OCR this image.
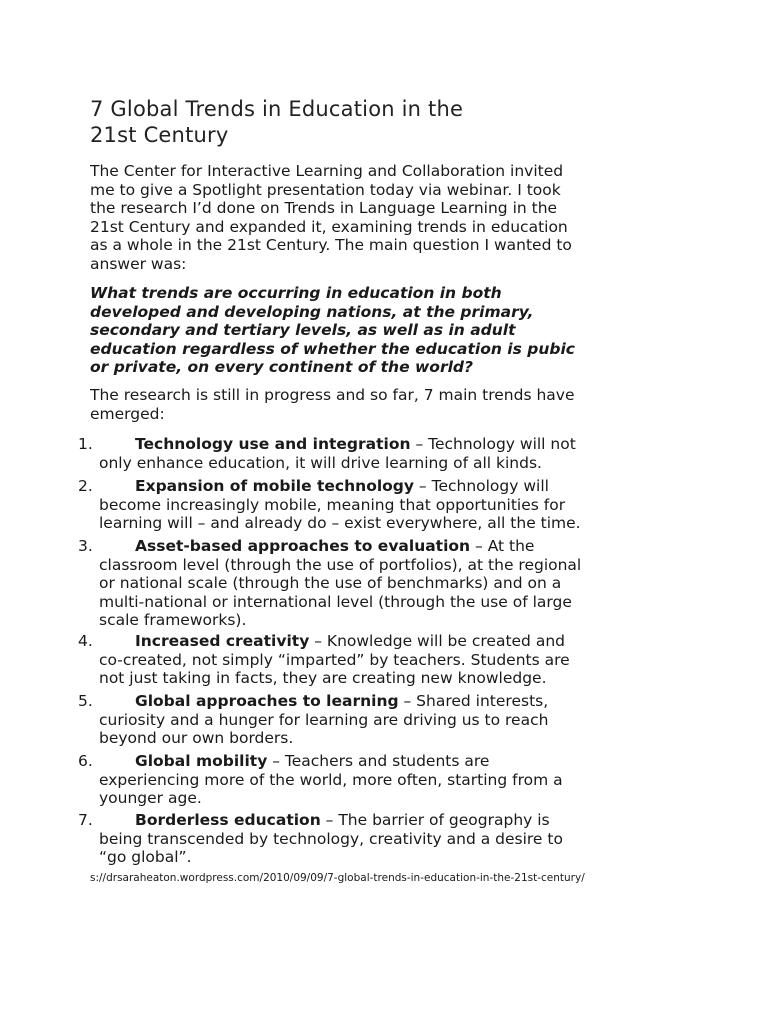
7 Global Trends in Education in the
21st Century

The Center for Interactive Learning and Collaboration invited
me to give a Spotlight presentation today via webinar. I took
the research I’d done on Trends in Language Learning in the
21st Century and expanded it, examining trends in education
as a whole in the 21st Century. The main question I wanted to
answer was:

What trends are occurring in education in both
developed and developing nations, at the primary,
secondary and tertiary levels, as well as in adult
education regardless of whether the education is pubic
or private, on every continent of the world?

The research is still in progress and so far, 7 main trends have
emerged:

1.	Technology use and integration – Technology will not
only enhance education, it will drive learning of all kinds.

2.	Expansion of mobile technology – Technology will
become increasingly mobile, meaning that opportunities for
learning will – and already do – exist everywhere, all the time.

3.	Asset-based approaches to evaluation – At the
classroom level (through the use of portfolios), at the regional
or national scale (through the use of benchmarks) and on a
multi-national or international level (through the use of large
scale frameworks).

4.	Increased creativity – Knowledge will be created and
co-created, not simply “imparted” by teachers. Students are
not just taking in facts, they are creating new knowledge.

5.	Global approaches to learning – Shared interests,
curiosity and a hunger for learning are driving us to reach
beyond our own borders.

6.	Global mobility – Teachers and students are
experiencing more of the world, more often, starting from a
younger age.

7.	Borderless education – The barrier of geography is
being transcended by technology, creativity and a desire to
“go global”.

s://drsaraheaton.wordpress.com/2010/09/09/7-global-trends-in-education-in-the-21st-century/
